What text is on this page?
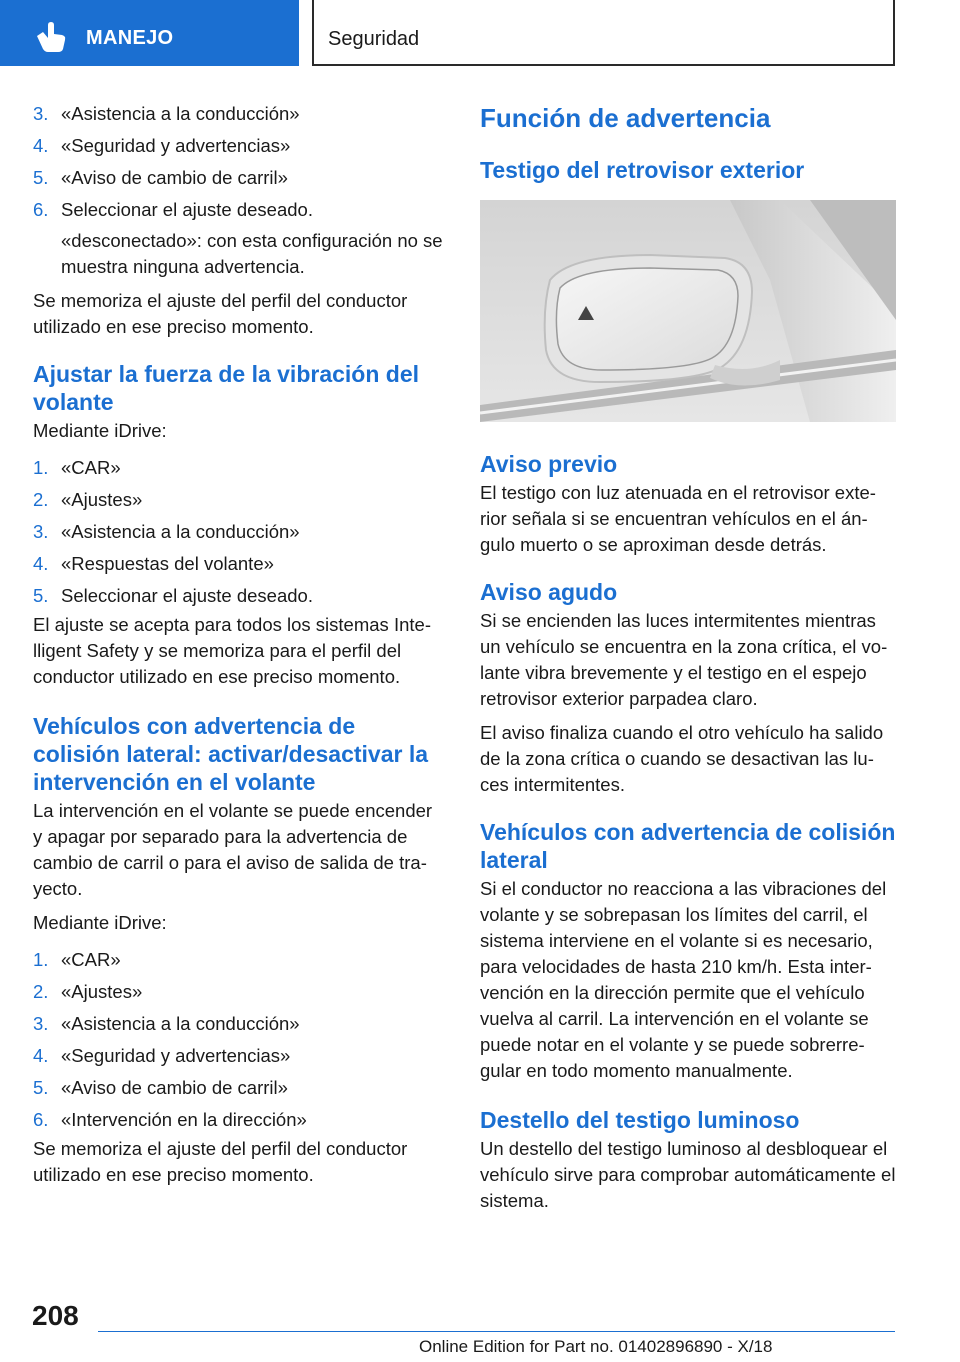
MANEJO	Seguridad
3. «Asistencia a la conducción»
4. «Seguridad y advertencias»
5. «Aviso de cambio de carril»
6. Seleccionar el ajuste deseado.
«desconectado»: con esta configuración no se muestra ninguna advertencia.
Se memoriza el ajuste del perfil del conductor utilizado en ese preciso momento.
Ajustar la fuerza de la vibración del volante
Mediante iDrive:
1. «CAR»
2. «Ajustes»
3. «Asistencia a la conducción»
4. «Respuestas del volante»
5. Seleccionar el ajuste deseado.
El ajuste se acepta para todos los sistemas Intelligent Safety y se memoriza para el perfil del conductor utilizado en ese preciso momento.
Vehículos con advertencia de colisión lateral: activar/desactivar la intervención en el volante
La intervención en el volante se puede encender y apagar por separado para la advertencia de cambio de carril o para el aviso de salida de trayecto.
Mediante iDrive:
1. «CAR»
2. «Ajustes»
3. «Asistencia a la conducción»
4. «Seguridad y advertencias»
5. «Aviso de cambio de carril»
6. «Intervención en la dirección»
Se memoriza el ajuste del perfil del conductor utilizado en ese preciso momento.
Función de advertencia
Testigo del retrovisor exterior
Aviso previo
El testigo con luz atenuada en el retrovisor exterior señala si se encuentran vehículos en el ángulo muerto o se aproximan desde detrás.
Aviso agudo
Si se encienden las luces intermitentes mientras un vehículo se encuentra en la zona crítica, el volante vibra brevemente y el testigo en el espejo retrovisor exterior parpadea claro.
El aviso finaliza cuando el otro vehículo ha salido de la zona crítica o cuando se desactivan las luces intermitentes.
Vehículos con advertencia de colisión lateral
Si el conductor no reacciona a las vibraciones del volante y se sobrepasan los límites del carril, el sistema interviene en el volante si es necesario, para velocidades de hasta 210 km/h. Esta intervención en la dirección permite que el vehículo vuelva al carril. La intervención en el volante se puede notar en el volante y se puede sobrerregular en todo momento manualmente.
Destello del testigo luminoso
Un destello del testigo luminoso al desbloquear el vehículo sirve para comprobar automáticamente el sistema.
208
Online Edition for Part no. 01402896890 - X/18
